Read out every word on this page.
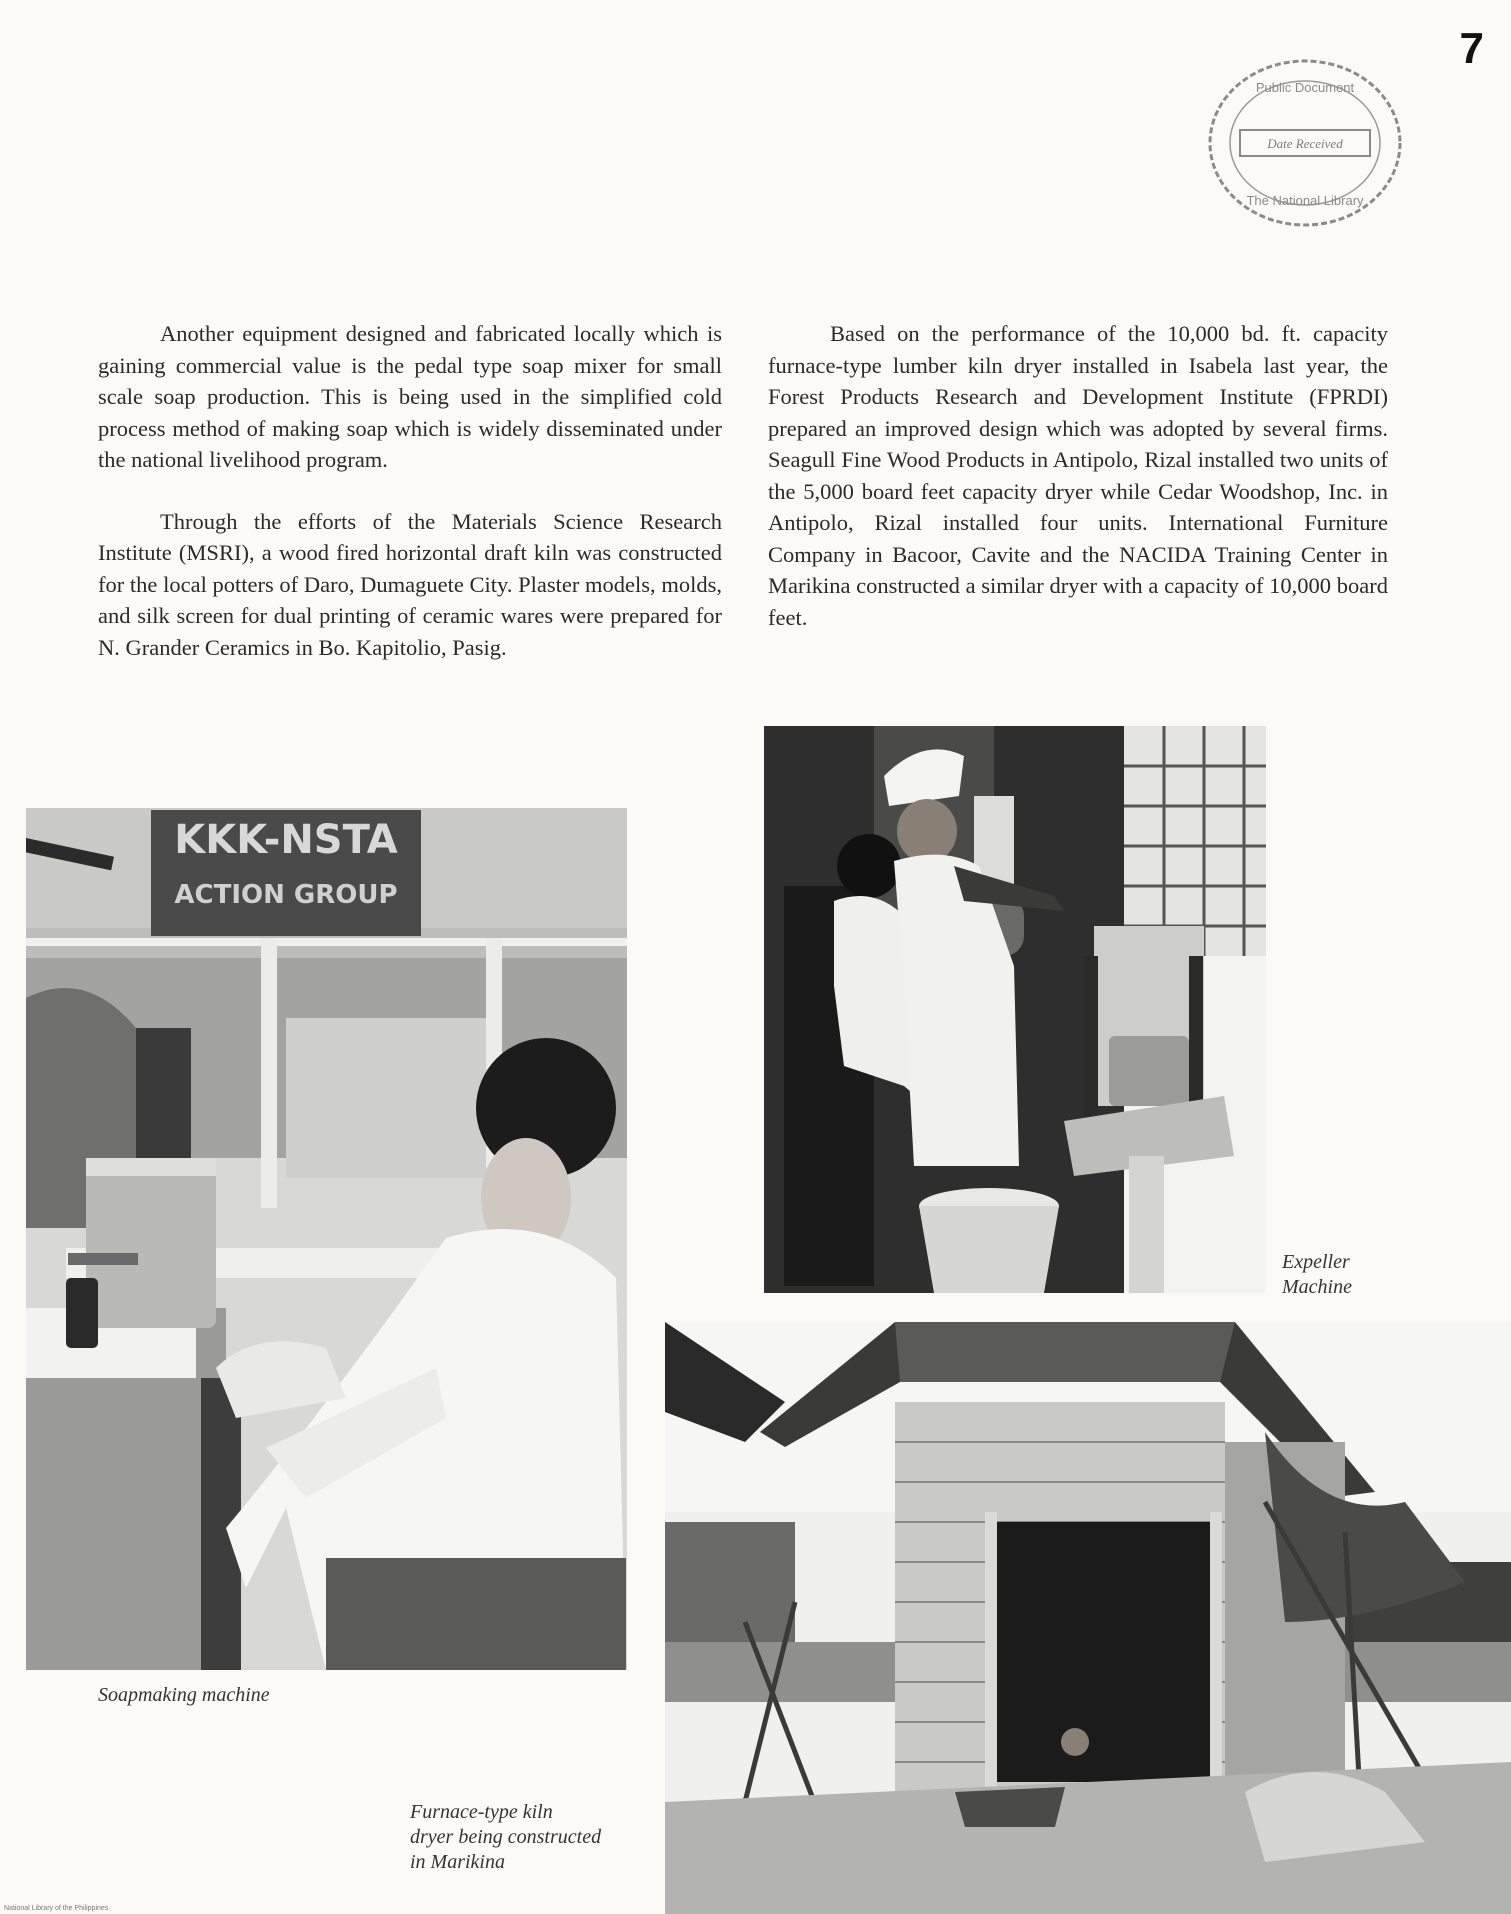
7
Public Document
Date Received
The National Library

Another equipment designed and fabricated locally which is gaining commercial value is the pedal type soap mixer for small scale soap production. This is being used in the simplified cold process method of making soap which is widely disseminated under the national livelihood program.

Through the efforts of the Materials Science Research Institute (MSRI), a wood fired horizontal draft kiln was constructed for the local potters of Daro, Dumaguete City. Plaster models, molds, and silk screen for dual printing of ceramic wares were prepared for N. Grander Ceramics in Bo. Kapitolio, Pasig.

Based on the performance of the 10,000 bd. ft. capacity furnace-type lumber kiln dryer installed in Isabela last year, the Forest Products Research and Development Institute (FPRDI) prepared an improved design which was adopted by several firms. Seagull Fine Wood Products in Antipolo, Rizal installed two units of the 5,000 board feet capacity dryer while Cedar Woodshop, Inc. in Antipolo, Rizal installed four units. International Furniture Company in Bacoor, Cavite and the NACIDA Training Center in Marikina constructed a similar dryer with a capacity of 10,000 board feet.

KKK-NSTA
ACTION GROUP
Soapmaking machine
Expeller
Machine
Furnace-type kiln
dryer being constructed
in Marikina
National Library of the Philippines
